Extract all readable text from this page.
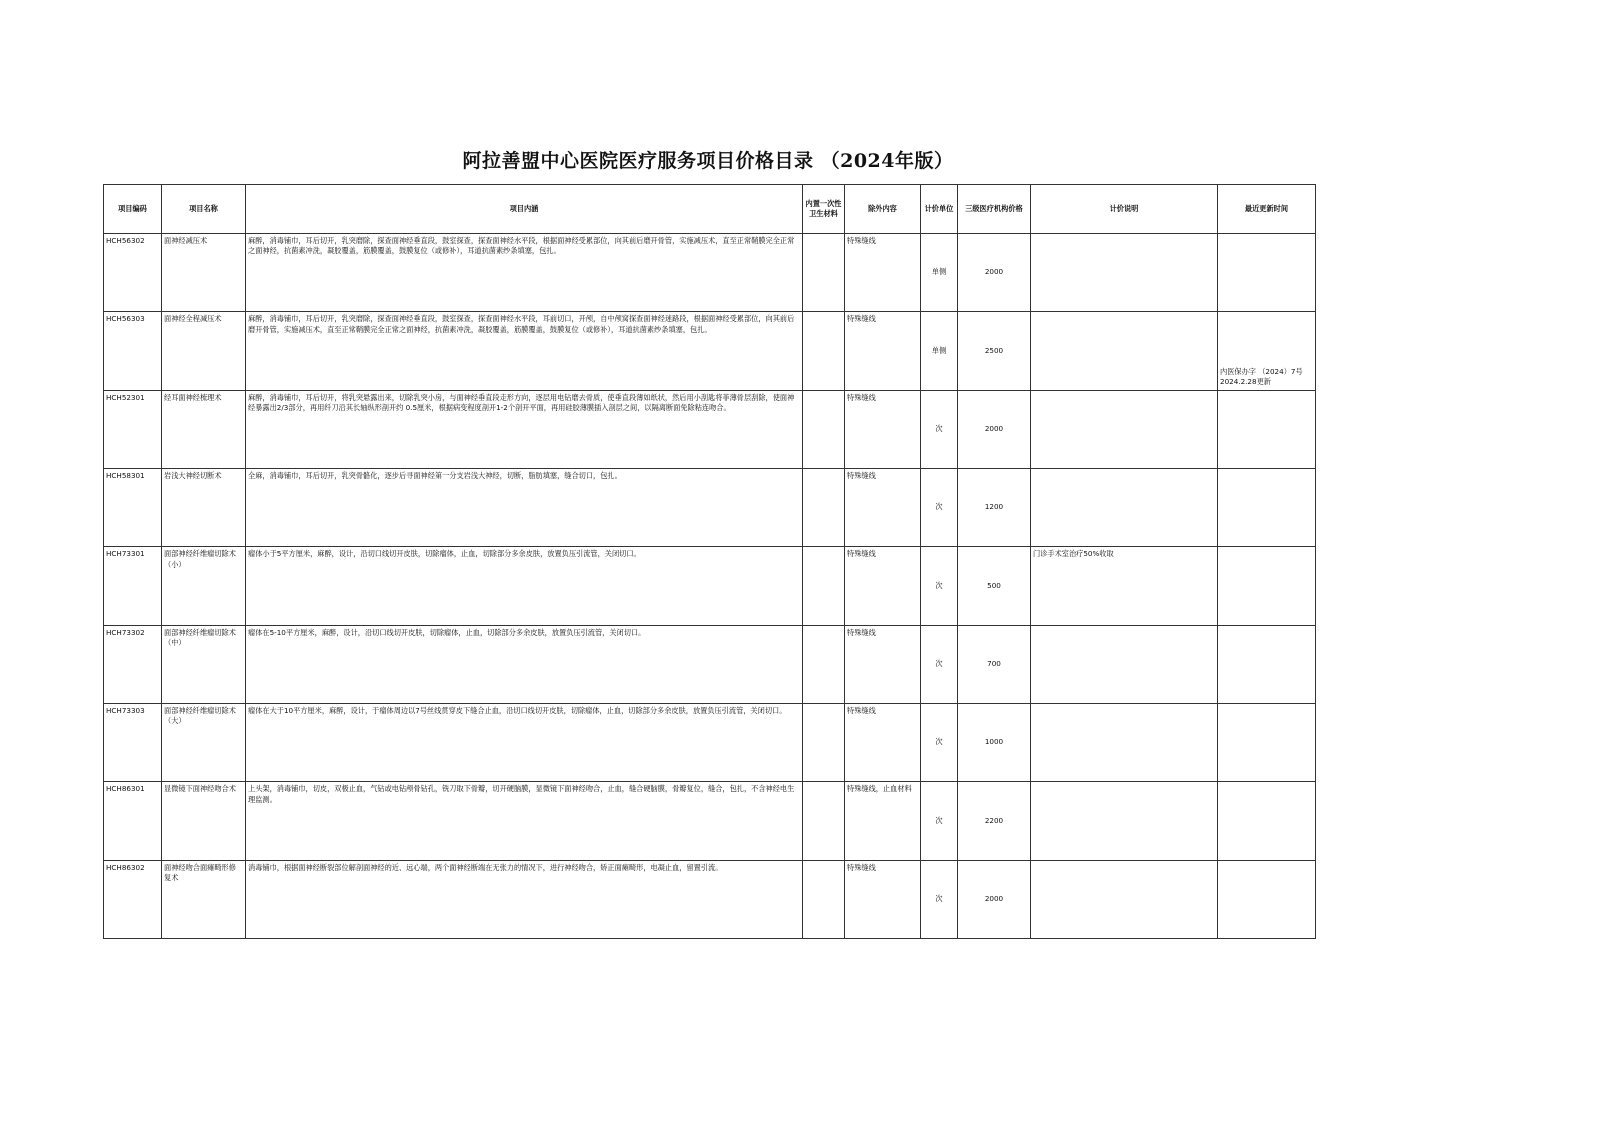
阿拉善盟中心医院医疗服务项目价格目录 （2024年版）
项目编码	项目名称	项目内涵	内置一次性卫生材料	除外内容	计价单位	三级医疗机构价格	计价说明	最近更新时间
HCH56302	面神经减压术	麻醉，消毒铺巾，耳后切开，乳突磨除，探查面神经垂直段，鼓室探查，探查面神经水平段，根据面神经受累部位，向其前后磨开骨管，实施减压术，直至正常鞘膜完全正常之面神经，抗菌素冲洗，凝胶覆盖，筋膜覆盖，鼓膜复位（或修补），耳道抗菌素纱条填塞，包扎。		特殊缝线	单侧	2000		
HCH56303	面神经全程减压术	麻醉，消毒铺巾，耳后切开，乳突磨除，探查面神经垂直段，鼓室探查，探查面神经水平段，耳前切口，开颅，自中颅窝探查面神经迷路段，根据面神经受累部位，向其前后磨开骨管，实施减压术，直至正常鞘膜完全正常之面神经，抗菌素冲洗，凝胶覆盖，筋膜覆盖，鼓膜复位（或修补），耳道抗菌素纱条填塞，包扎。		特殊缝线	单侧	2500		内医保办字 （2024）7号 2024.2.28更新
HCH52301	经耳面神经梳理术	麻醉，消毒铺巾，耳后切开，将乳突悬露出来，切除乳突小房，与面神经垂直段走形方向，逐层用电钻磨去骨质，使垂直段薄如纸状，然后用小刮匙将菲薄骨层刮除，使面神经暴露出2/3部分，再用纤刀沿其长轴纵形剖开约 0.5厘米，根据病变程度剖开1-2个剖开平面，再用硅胶薄膜插入剖层之间，以隔离断面免除粘连吻合。		特殊缝线	次	2000		
HCH58301	岩浅大神经切断术	全麻，消毒铺巾，耳后切开，乳突骨骼化，逐步后寻面神经第一分支岩浅大神经，切断，脂肪填塞，缝合切口，包扎。		特殊缝线	次	1200		
HCH73301	面部神经纤维瘤切除术（小）	瘤体小于5平方厘米，麻醉，设计，沿切口线切开皮肤，切除瘤体，止血，切除部分多余皮肤，放置负压引流管，关闭切口。		特殊缝线	次	500	门诊手术室治疗50%收取	
HCH73302	面部神经纤维瘤切除术（中）	瘤体在5-10平方厘米，麻醉，设计，沿切口线切开皮肤，切除瘤体，止血，切除部分多余皮肤，放置负压引流管，关闭切口。		特殊缝线	次	700		
HCH73303	面部神经纤维瘤切除术（大）	瘤体在大于10平方厘米，麻醉，设计，于瘤体周边以7号丝线贯穿皮下缝合止血，沿切口线切开皮肤，切除瘤体，止血，切除部分多余皮肤，放置负压引流管，关闭切口。		特殊缝线	次	1000		
HCH86301	显微镜下面神经吻合术	上头架，消毒铺巾，切皮，双极止血，气钻或电钻颅骨钻孔，铣刀取下骨瓣，切开硬脑膜，显微镜下面神经吻合，止血，缝合硬脑膜，骨瓣复位，缝合，包扎，不含神经电生理监测。		特殊缝线，止血材料	次	2200		
HCH86302	面神经吻合面瘫畸形修复术	消毒铺巾，根据面神经断裂部位解剖面神经的近、远心端，两个面神经断端在无张力的情况下，进行神经吻合，矫正面瘫畸形，电凝止血，留置引流。		特殊缝线	次	2000		
